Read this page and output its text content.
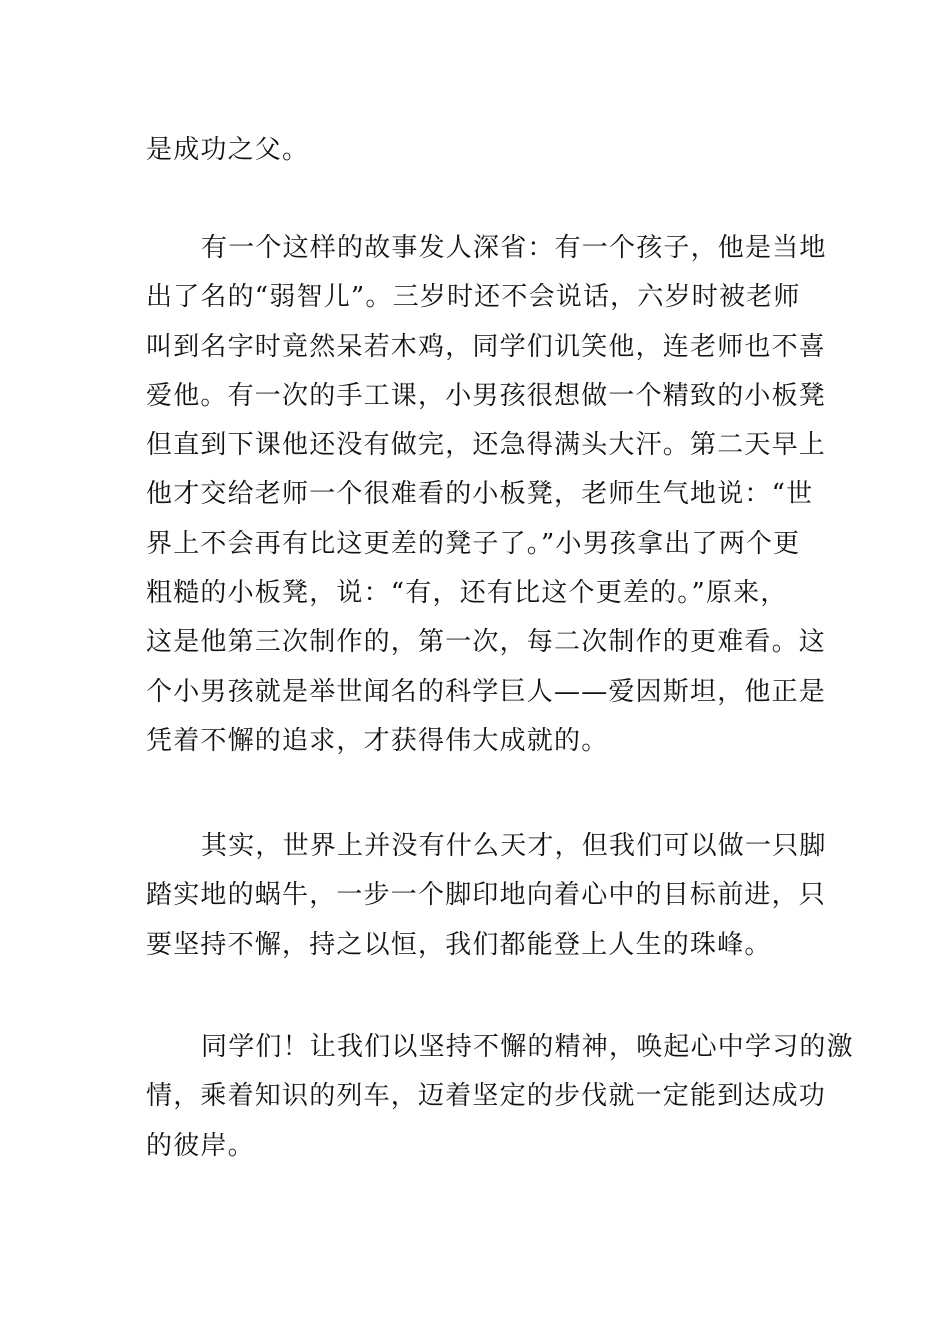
是成功之父。
有一个这样的故事发人深省：有一个孩子，他是当地
出了名的“弱智儿”。三岁时还不会说话，六岁时被老师
叫到名字时竟然呆若木鸡，同学们讥笑他，连老师也不喜
爱他。有一次的手工课，小男孩很想做一个精致的小板凳
但直到下课他还没有做完，还急得满头大汗。第二天早上
他才交给老师一个很难看的小板凳，老师生气地说：“世
界上不会再有比这更差的凳子了。”小男孩拿出了两个更
粗糙的小板凳，说：“有，还有比这个更差的。”原来，
这是他第三次制作的，第一次，每二次制作的更难看。这
个小男孩就是举世闻名的科学巨人——爱因斯坦，他正是
凭着不懈的追求，才获得伟大成就的。
其实，世界上并没有什么天才，但我们可以做一只脚
踏实地的蜗牛，一步一个脚印地向着心中的目标前进，只
要坚持不懈，持之以恒，我们都能登上人生的珠峰。
同学们！让我们以坚持不懈的精神，唤起心中学习的激
情，乘着知识的列车，迈着坚定的步伐就一定能到达成功
的彼岸。
